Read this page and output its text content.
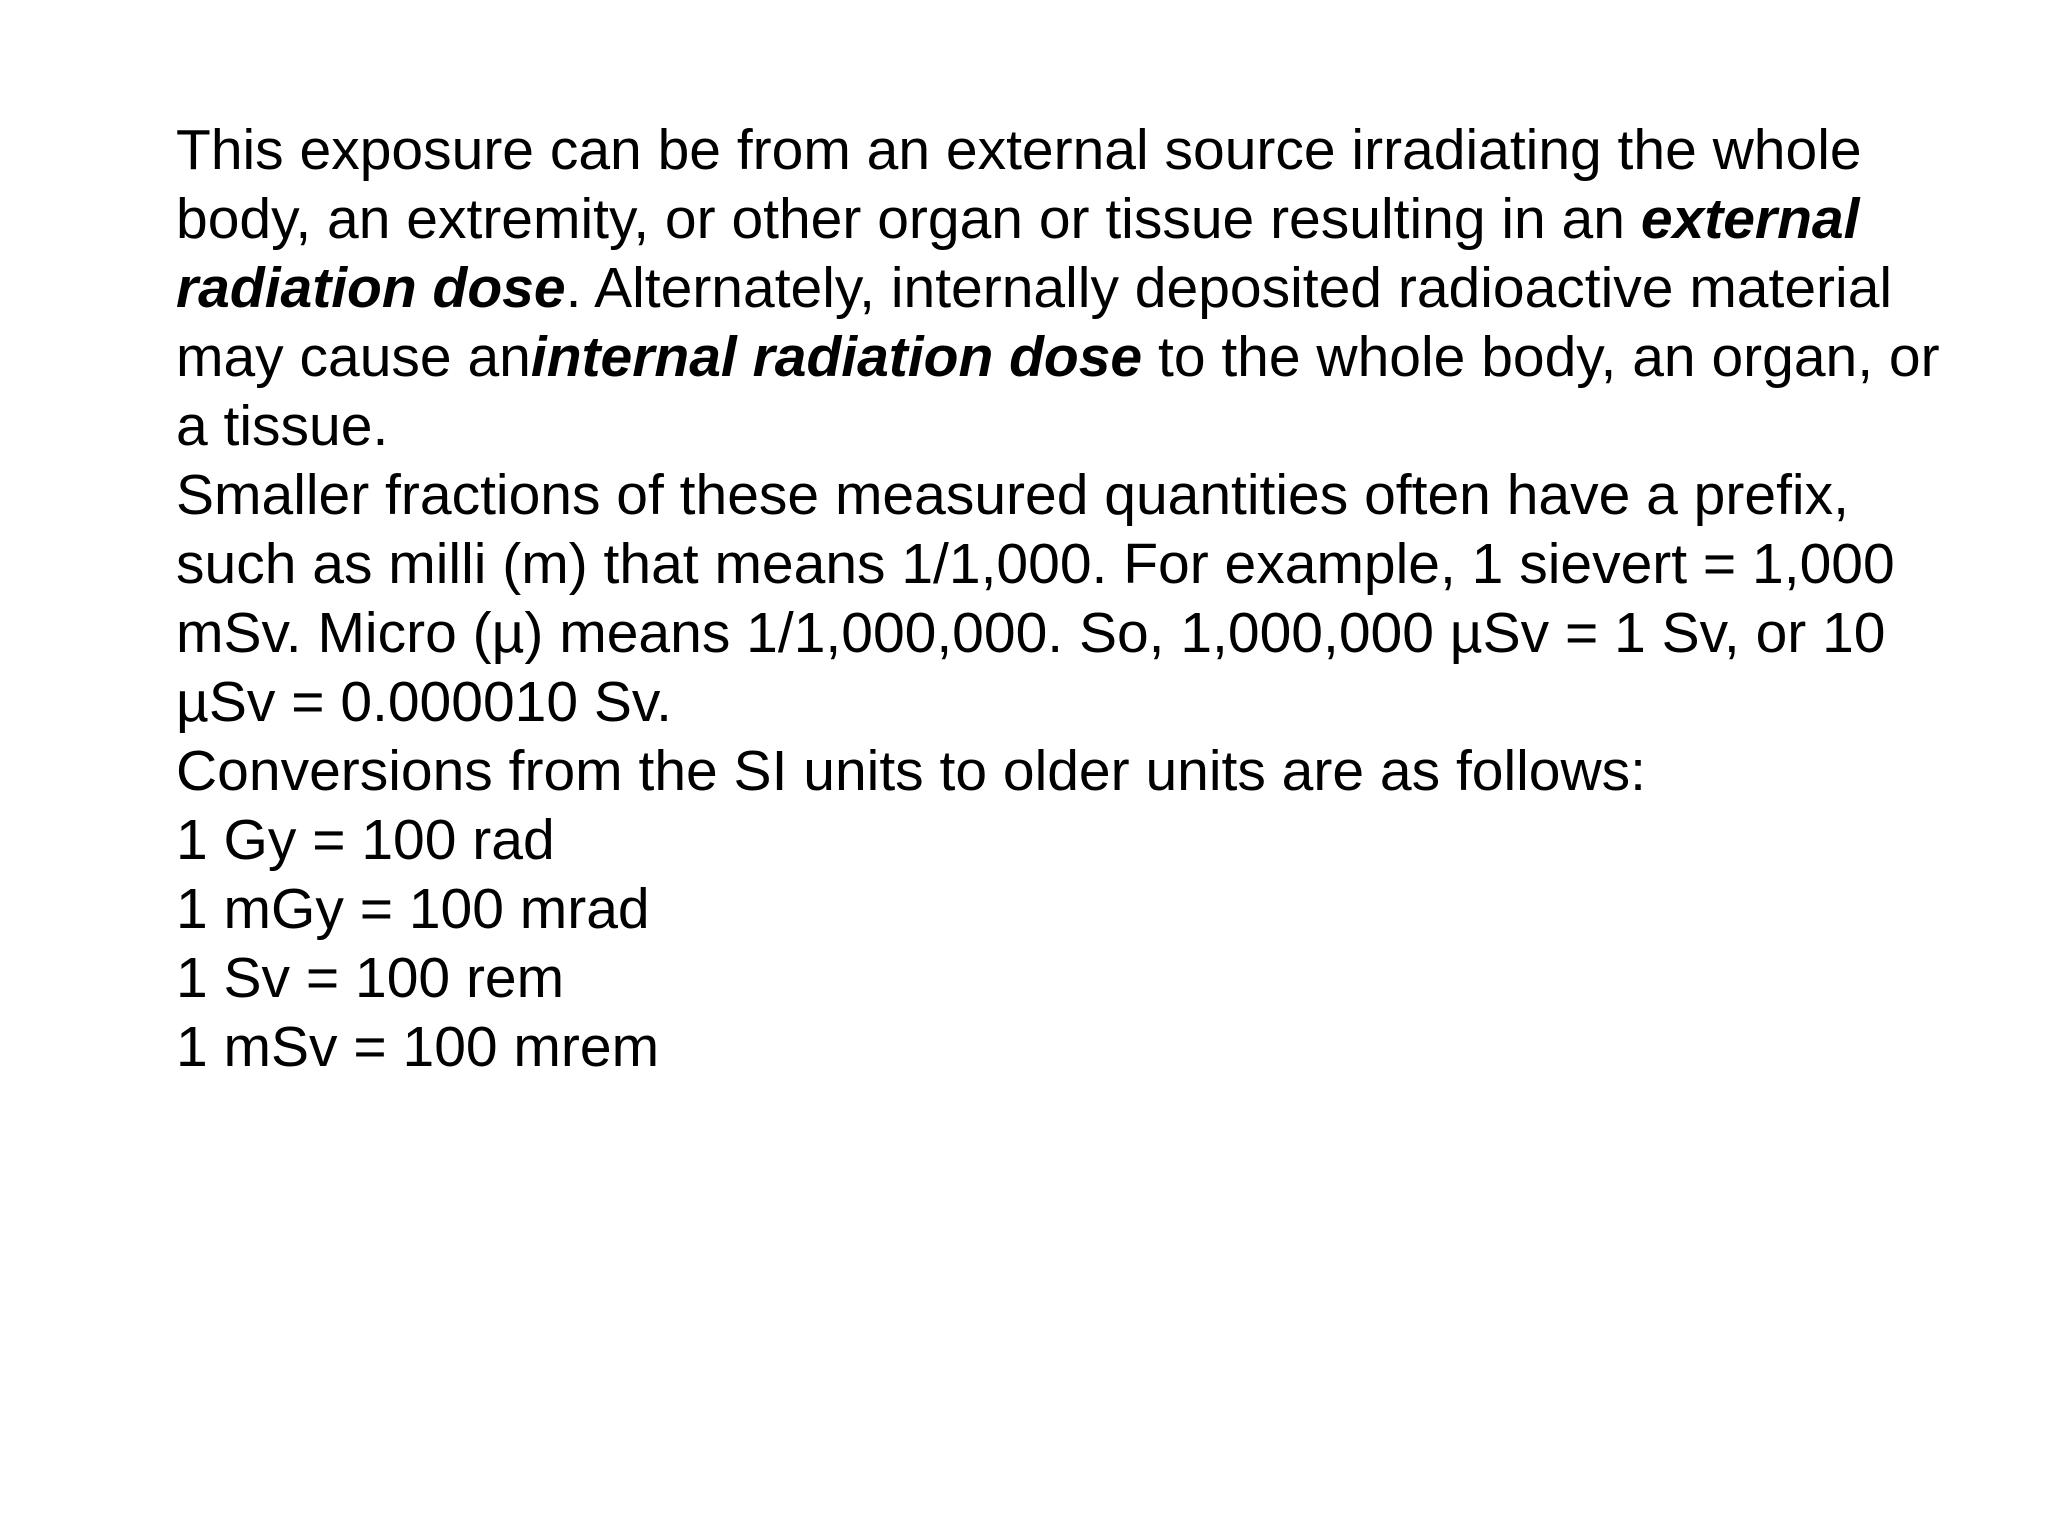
This exposure can be from an external source irradiating the whole
body, an extremity, or other organ or tissue resulting in an external
radiation dose. Alternately, internally deposited radioactive material
may cause aninternal radiation dose to the whole body, an organ, or
a tissue.
Smaller fractions of these measured quantities often have a prefix,
such as milli (m) that means 1/1,000. For example, 1 sievert = 1,000
mSv. Micro (µ) means 1/1,000,000. So, 1,000,000 µSv = 1 Sv, or 10
µSv = 0.000010 Sv.
Conversions from the SI units to older units are as follows:
1 Gy = 100 rad
1 mGy = 100 mrad
1 Sv = 100 rem
1 mSv = 100 mrem
